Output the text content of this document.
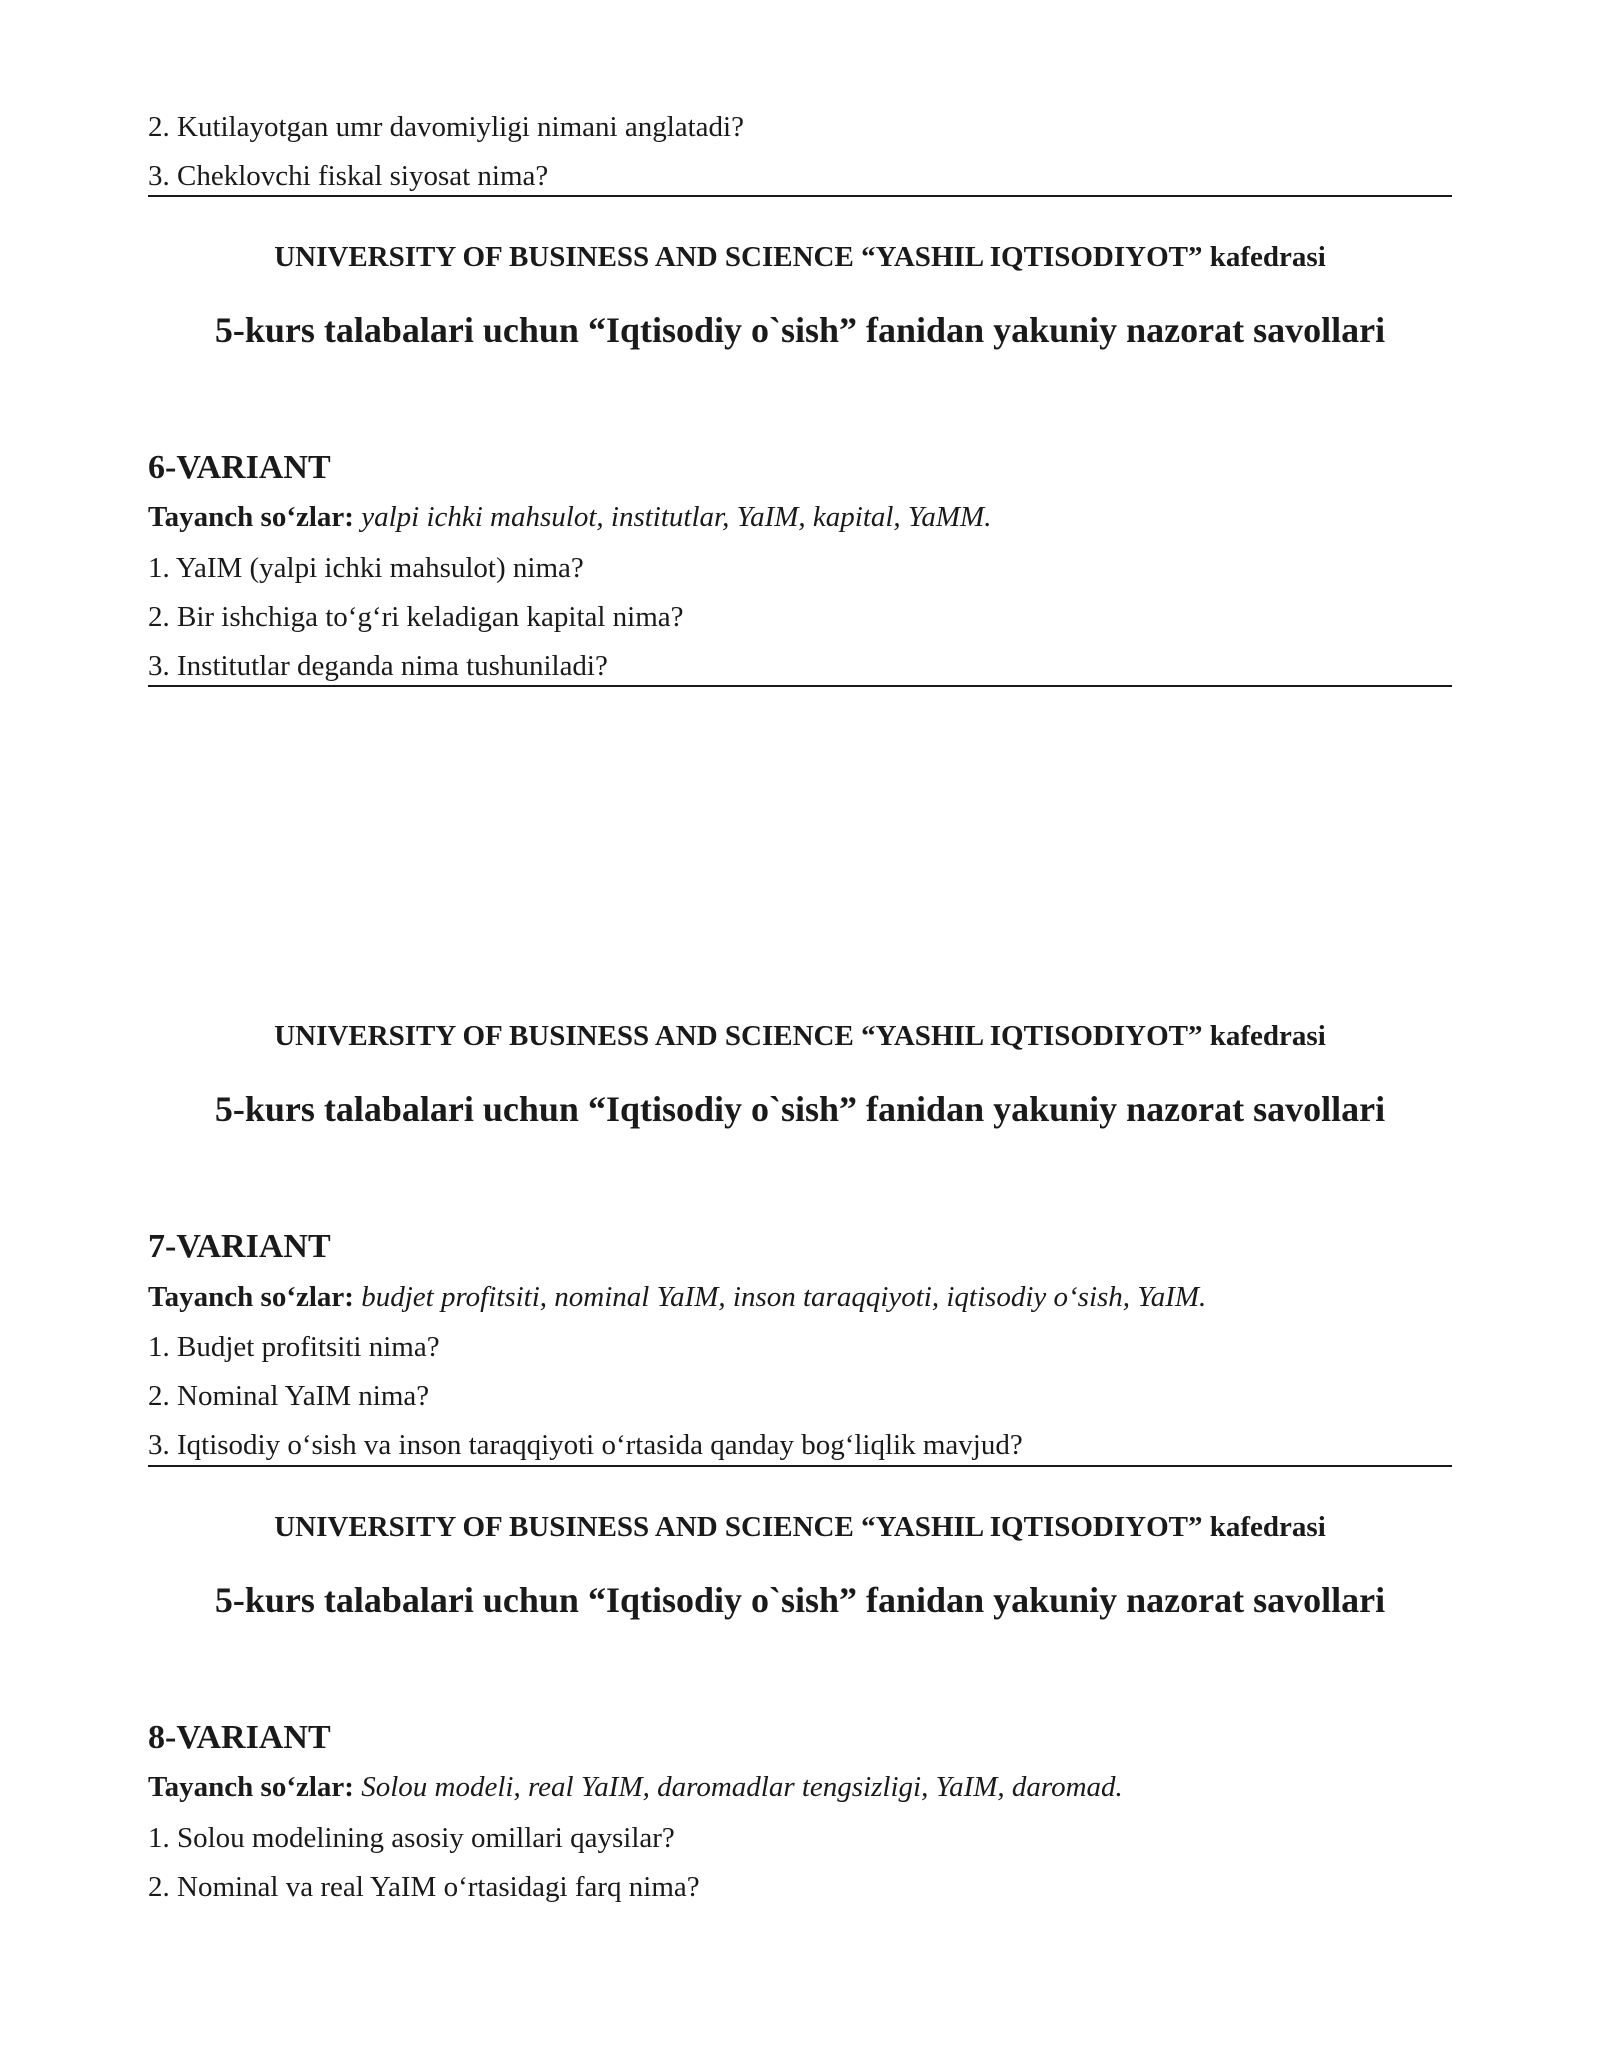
2. Kutilayotgan umr davomiyligi nimani anglatadi?
3. Cheklovchi fiskal siyosat nima?
UNIVERSITY OF BUSINESS AND SCIENCE “YASHIL IQTISODIYOT” kafedrasi
5-kurs talabalari uchun “Iqtisodiy o`sish” fanidan yakuniy nazorat savollari
6-VARIANT
Tayanch so‘zlar: yalpi ichki mahsulot, institutlar, YaIM, kapital, YaMM.
1. YaIM (yalpi ichki mahsulot) nima?
2. Bir ishchiga to‘g‘ri keladigan kapital nima?
3. Institutlar deganda nima tushuniladi?
UNIVERSITY OF BUSINESS AND SCIENCE “YASHIL IQTISODIYOT” kafedrasi
5-kurs talabalari uchun “Iqtisodiy o`sish” fanidan yakuniy nazorat savollari
7-VARIANT
Tayanch so‘zlar: budjet profitsiti, nominal YaIM, inson taraqqiyoti, iqtisodiy o‘sish, YaIM.
1. Budjet profitsiti nima?
2. Nominal YaIM nima?
3. Iqtisodiy o‘sish va inson taraqqiyoti o‘rtasida qanday bog‘liqlik mavjud?
UNIVERSITY OF BUSINESS AND SCIENCE “YASHIL IQTISODIYOT” kafedrasi
5-kurs talabalari uchun “Iqtisodiy o`sish” fanidan yakuniy nazorat savollari
8-VARIANT
Tayanch so‘zlar: Solou modeli, real YaIM, daromadlar tengsizligi, YaIM, daromad.
1. Solou modelining asosiy omillari qaysilar?
2. Nominal va real YaIM o‘rtasidagi farq nima?
